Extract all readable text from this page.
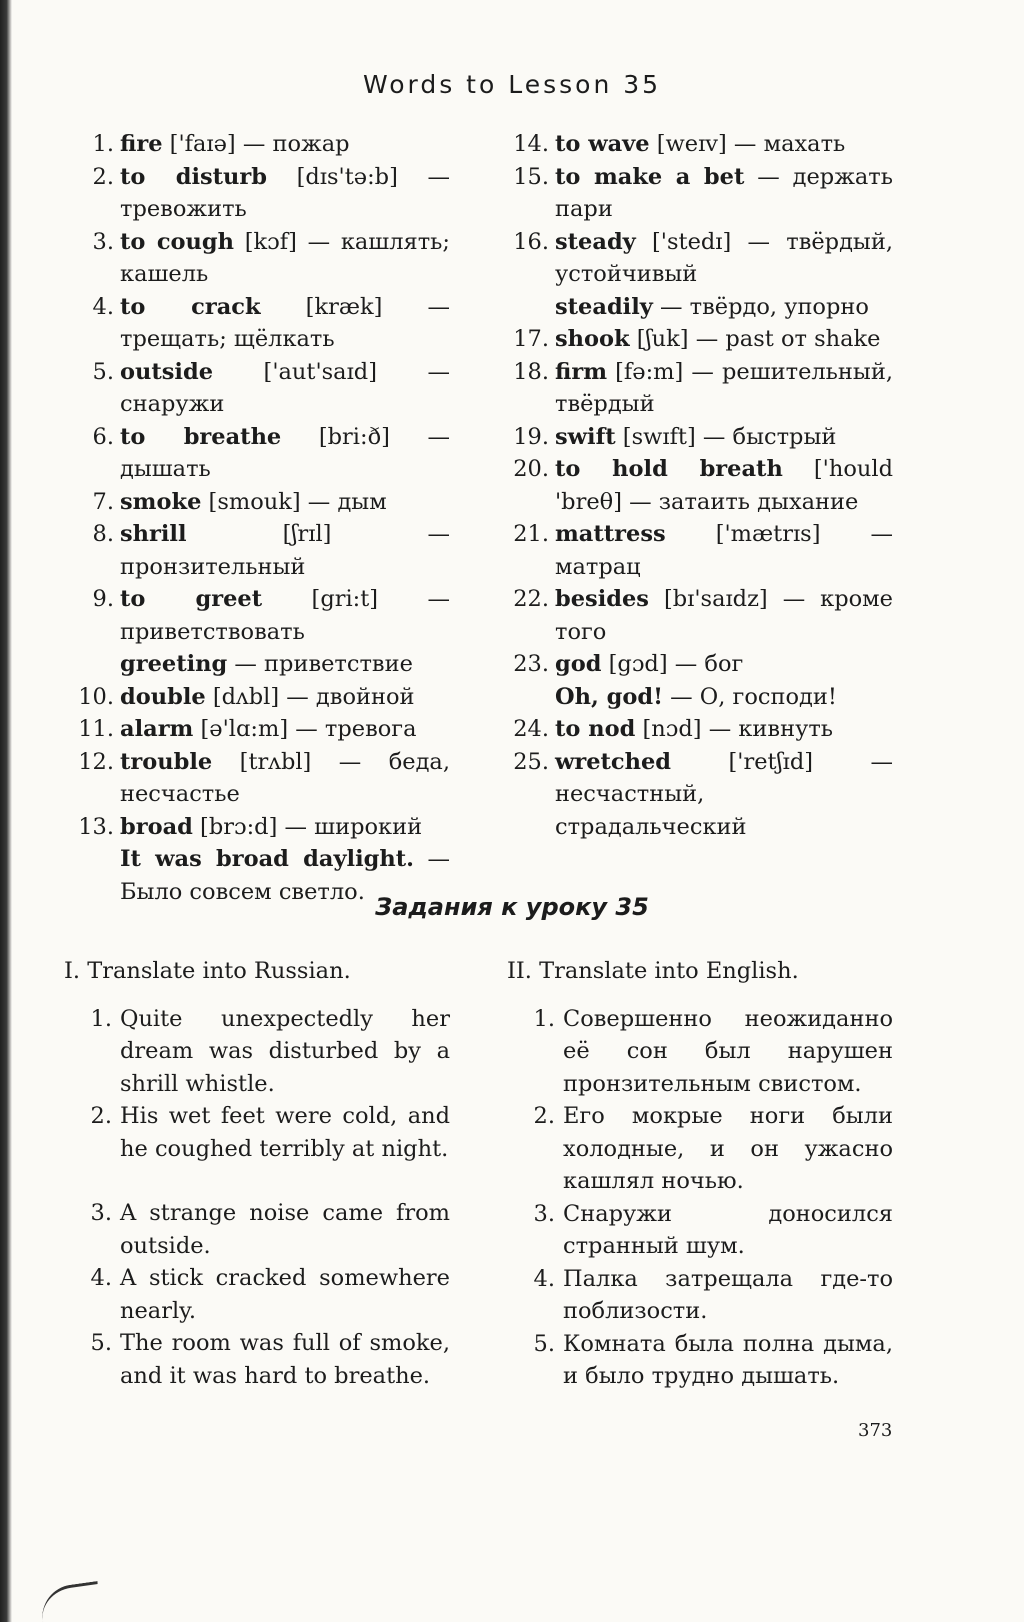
Words to Lesson 35
1. fire ['faɪə] — пожар
2. to disturb [dɪs'tə:b] — тревожить
3. to cough [kɔf] — кашлять; кашель
4. to crack [kræk] — трещать; щёлкать
5. outside ['aut'saɪd] — снаружи
6. to breathe [bri:ð] — дышать
7. smoke [smouk] — дым
8. shrill [ʃrɪl] — пронзительный
9. to greet [gri:t] — приветствовать
greeting — приветствие
10. double [dʌbl] — двойной
11. alarm [ə'lɑ:m] — тревога
12. trouble [trʌbl] — беда, несчастье
13. broad [brɔ:d] — широкий
It was broad daylight. — Было совсем светло.
14. to wave [weɪv] — махать
15. to make a bet — держать пари
16. steady ['stedɪ] — твёрдый, устойчивый
steadily — твёрдо, упорно
17. shook [ʃuk] — past от shake
18. firm [fə:m] — решительный, твёрдый
19. swift [swɪft] — быстрый
20. to hold breath ['hould 'breθ] — затаить дыхание
21. mattress ['mætrɪs] — матрац
22. besides [bɪ'saɪdz] — кроме того
23. god [gɔd] — бог
Oh, god! — О, господи!
24. to nod [nɔd] — кивнуть
25. wretched ['retʃɪd] — несчастный, страдальческий
Задания к уроку 35
I. Translate into Russian.
1. Quite unexpectedly her dream was disturbed by a shrill whistle.
2. His wet feet were cold, and he coughed terribly at night.
3. A strange noise came from outside.
4. A stick cracked somewhere nearly.
5. The room was full of smoke, and it was hard to breathe.
II. Translate into English.
1. Совершенно неожиданно её сон был нарушен пронзительным свистом.
2. Его мокрые ноги были холодные, и он ужасно кашлял ночью.
3. Снаружи доносился странный шум.
4. Палка затрещала где-то поблизости.
5. Комната была полна дыма, и было трудно дышать.
373
